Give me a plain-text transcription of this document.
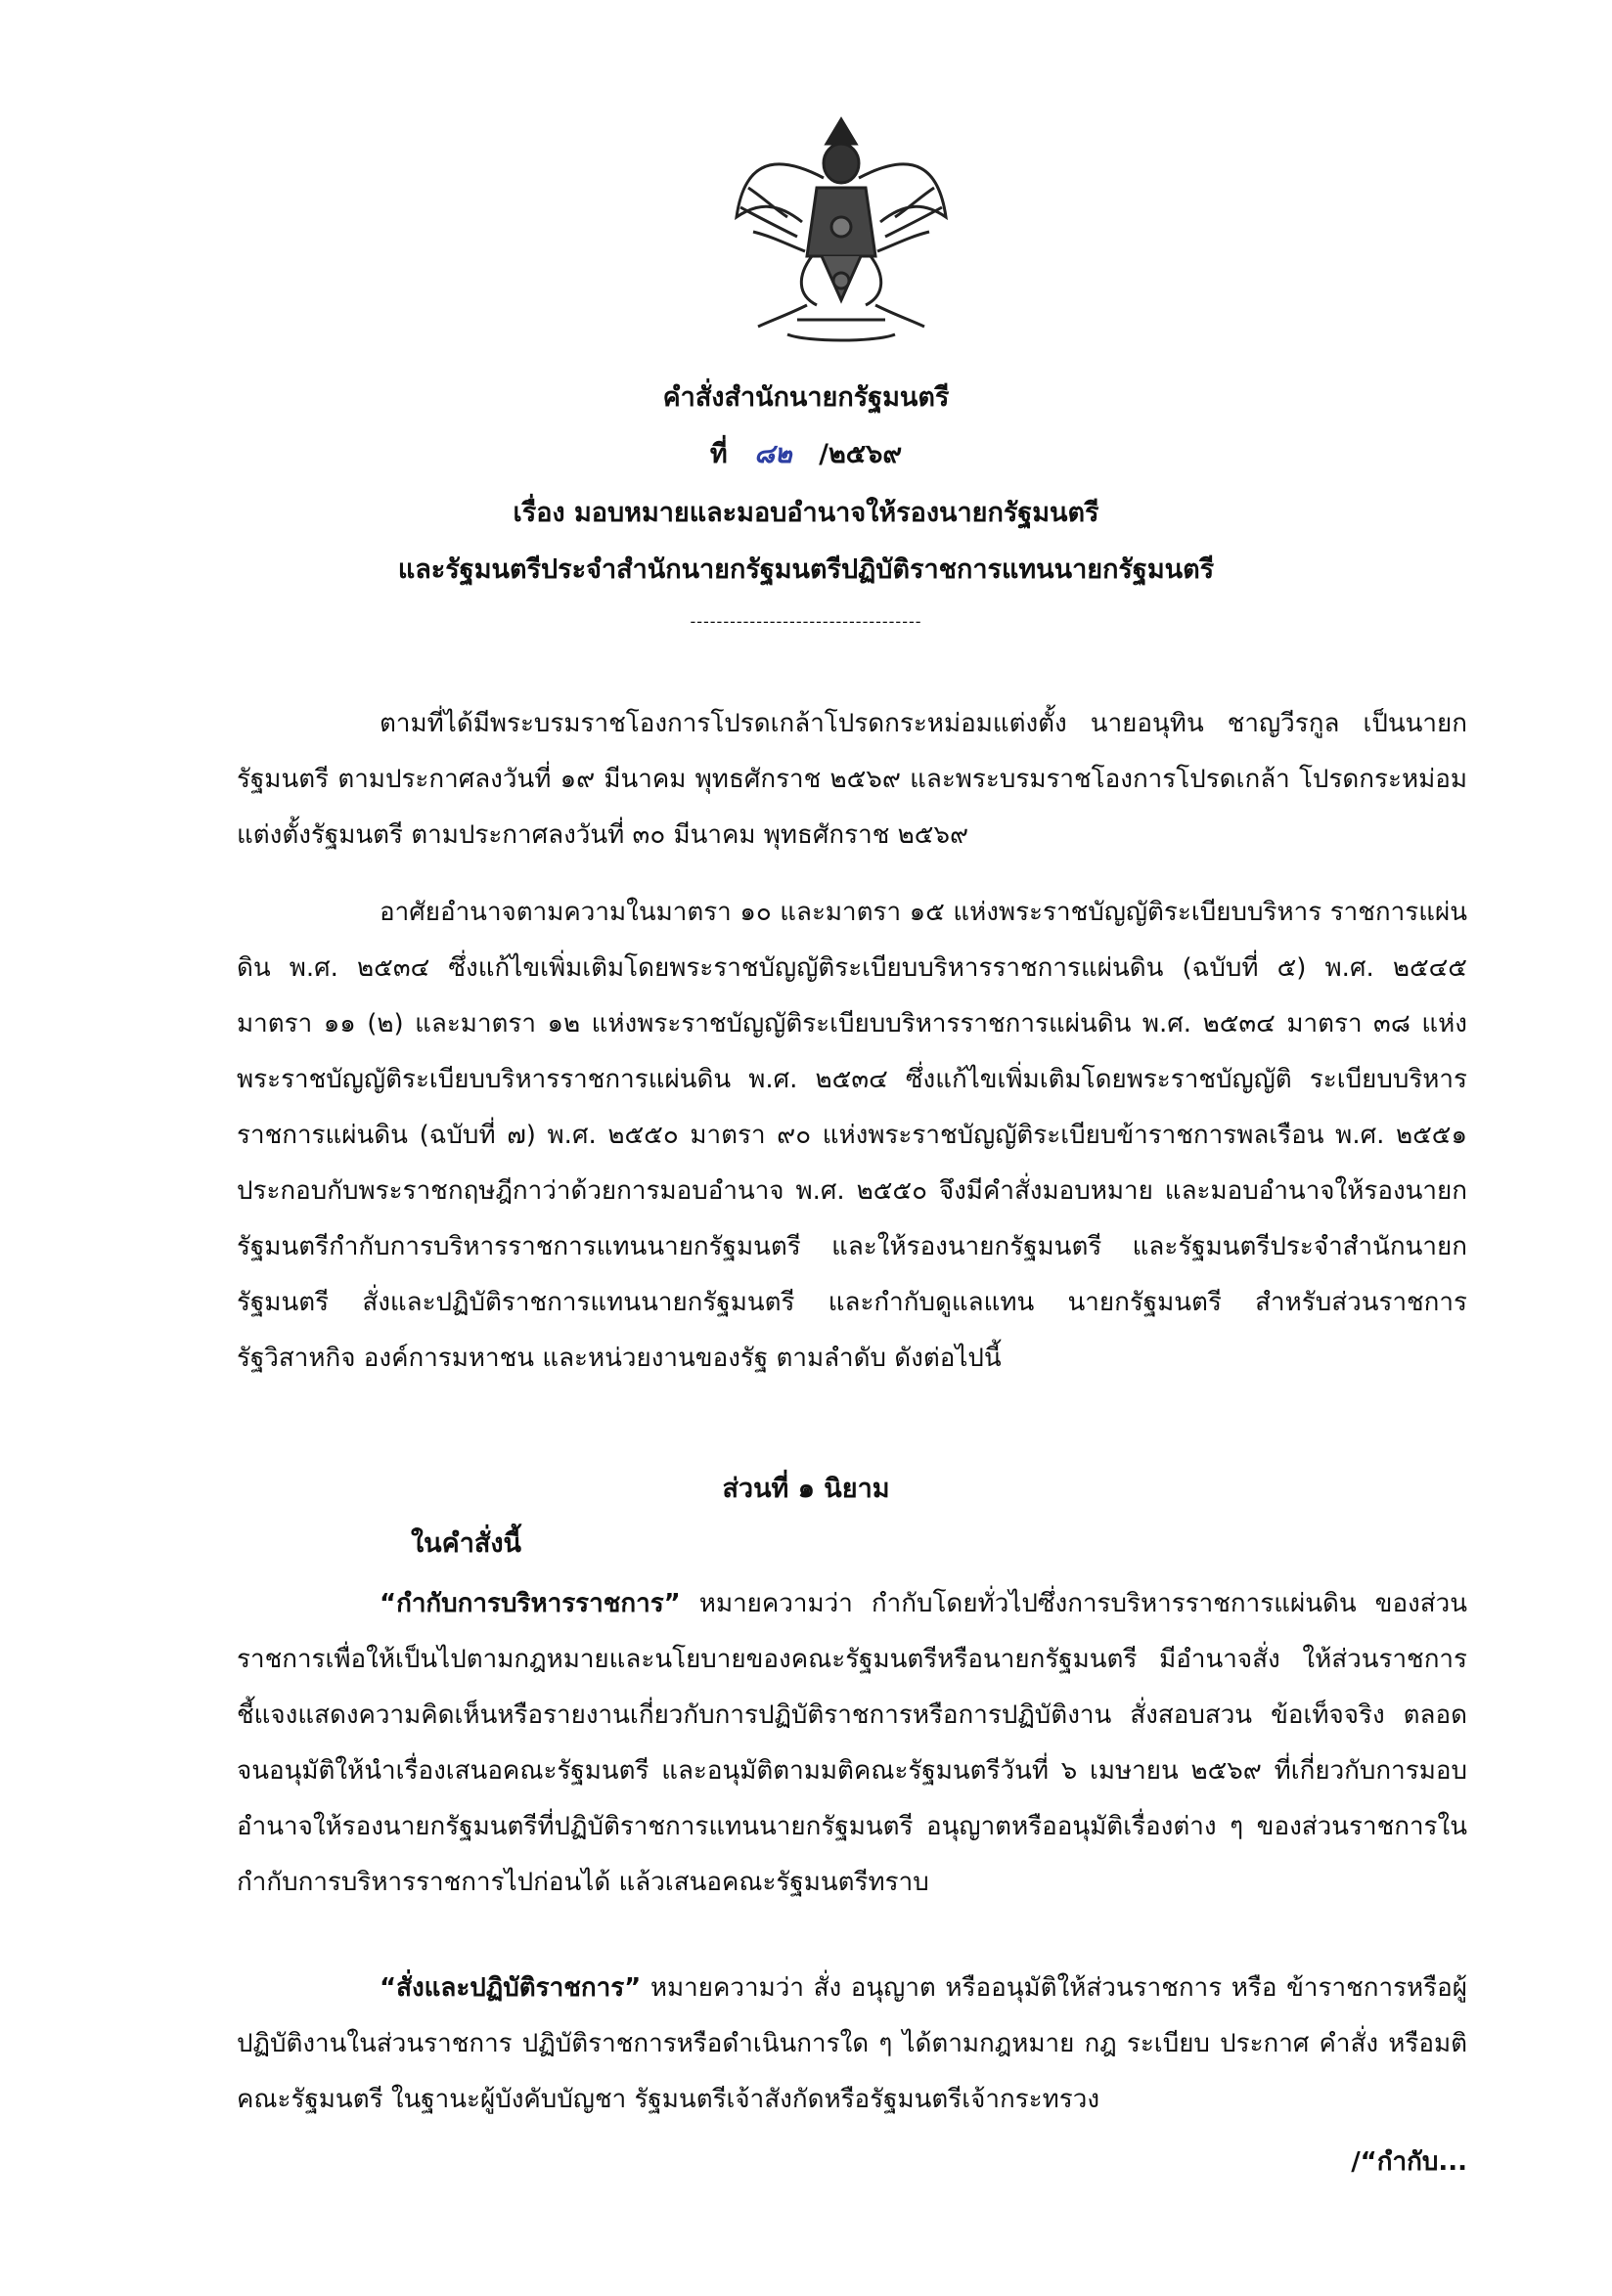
คำสั่งสำนักนายกรัฐมนตรี
ที่ ๘๒ /๒๕๖๙
เรื่อง มอบหมายและมอบอำนาจให้รองนายกรัฐมนตรี
และรัฐมนตรีประจำสำนักนายกรัฐมนตรีปฏิบัติราชการแทนนายกรัฐมนตรี
-----------------------------------

ตามที่ได้มีพระบรมราชโองการโปรดเกล้าโปรดกระหม่อมแต่งตั้ง นายอนุทิน ชาญวีรกูล เป็นนายกรัฐมนตรี ตามประกาศลงวันที่ ๑๙ มีนาคม พุทธศักราช ๒๕๖๙ และพระบรมราชโองการโปรดเกล้า โปรดกระหม่อมแต่งตั้งรัฐมนตรี ตามประกาศลงวันที่ ๓๐ มีนาคม พุทธศักราช ๒๕๖๙

อาศัยอำนาจตามความในมาตรา ๑๐ และมาตรา ๑๕ แห่งพระราชบัญญัติระเบียบบริหาร ราชการแผ่นดิน พ.ศ. ๒๕๓๔ ซึ่งแก้ไขเพิ่มเติมโดยพระราชบัญญัติระเบียบบริหารราชการแผ่นดิน (ฉบับที่ ๕) พ.ศ. ๒๕๔๕ มาตรา ๑๑ (๒) และมาตรา ๑๒ แห่งพระราชบัญญัติระเบียบบริหารราชการแผ่นดิน พ.ศ. ๒๕๓๔ มาตรา ๓๘ แห่งพระราชบัญญัติระเบียบบริหารราชการแผ่นดิน พ.ศ. ๒๕๓๔ ซึ่งแก้ไขเพิ่มเติมโดยพระราชบัญญัติ ระเบียบบริหารราชการแผ่นดิน (ฉบับที่ ๗) พ.ศ. ๒๕๕๐ มาตรา ๙๐ แห่งพระราชบัญญัติระเบียบข้าราชการพลเรือน พ.ศ. ๒๕๕๑ ประกอบกับพระราชกฤษฎีกาว่าด้วยการมอบอำนาจ พ.ศ. ๒๕๕๐ จึงมีคำสั่งมอบหมาย และมอบอำนาจให้รองนายกรัฐมนตรีกำกับการบริหารราชการแทนนายกรัฐมนตรี และให้รองนายกรัฐมนตรี และรัฐมนตรีประจำสำนักนายกรัฐมนตรี สั่งและปฏิบัติราชการแทนนายกรัฐมนตรี และกำกับดูแลแทน นายกรัฐมนตรี สำหรับส่วนราชการ รัฐวิสาหกิจ องค์การมหาชน และหน่วยงานของรัฐ ตามลำดับ ดังต่อไปนี้

ส่วนที่ ๑ นิยาม
ในคำสั่งนี้

“กำกับการบริหารราชการ” หมายความว่า กำกับโดยทั่วไปซึ่งการบริหารราชการแผ่นดิน ของส่วนราชการเพื่อให้เป็นไปตามกฎหมายและนโยบายของคณะรัฐมนตรีหรือนายกรัฐมนตรี มีอำนาจสั่ง ให้ส่วนราชการชี้แจงแสดงความคิดเห็นหรือรายงานเกี่ยวกับการปฏิบัติราชการหรือการปฏิบัติงาน สั่งสอบสวน ข้อเท็จจริง ตลอดจนอนุมัติให้นำเรื่องเสนอคณะรัฐมนตรี และอนุมัติตามมติคณะรัฐมนตรีวันที่ ๖ เมษายน ๒๕๖๙ ที่เกี่ยวกับการมอบอำนาจให้รองนายกรัฐมนตรีที่ปฏิบัติราชการแทนนายกรัฐมนตรี อนุญาตหรืออนุมัติเรื่องต่าง ๆ ของส่วนราชการในกำกับการบริหารราชการไปก่อนได้ แล้วเสนอคณะรัฐมนตรีทราบ

“สั่งและปฏิบัติราชการ” หมายความว่า สั่ง อนุญาต หรืออนุมัติให้ส่วนราชการ หรือ ข้าราชการหรือผู้ปฏิบัติงานในส่วนราชการ ปฏิบัติราชการหรือดำเนินการใด ๆ ได้ตามกฎหมาย กฎ ระเบียบ ประกาศ คำสั่ง หรือมติคณะรัฐมนตรี ในฐานะผู้บังคับบัญชา รัฐมนตรีเจ้าสังกัดหรือรัฐมนตรีเจ้ากระทรวง

/“กำกับ...
